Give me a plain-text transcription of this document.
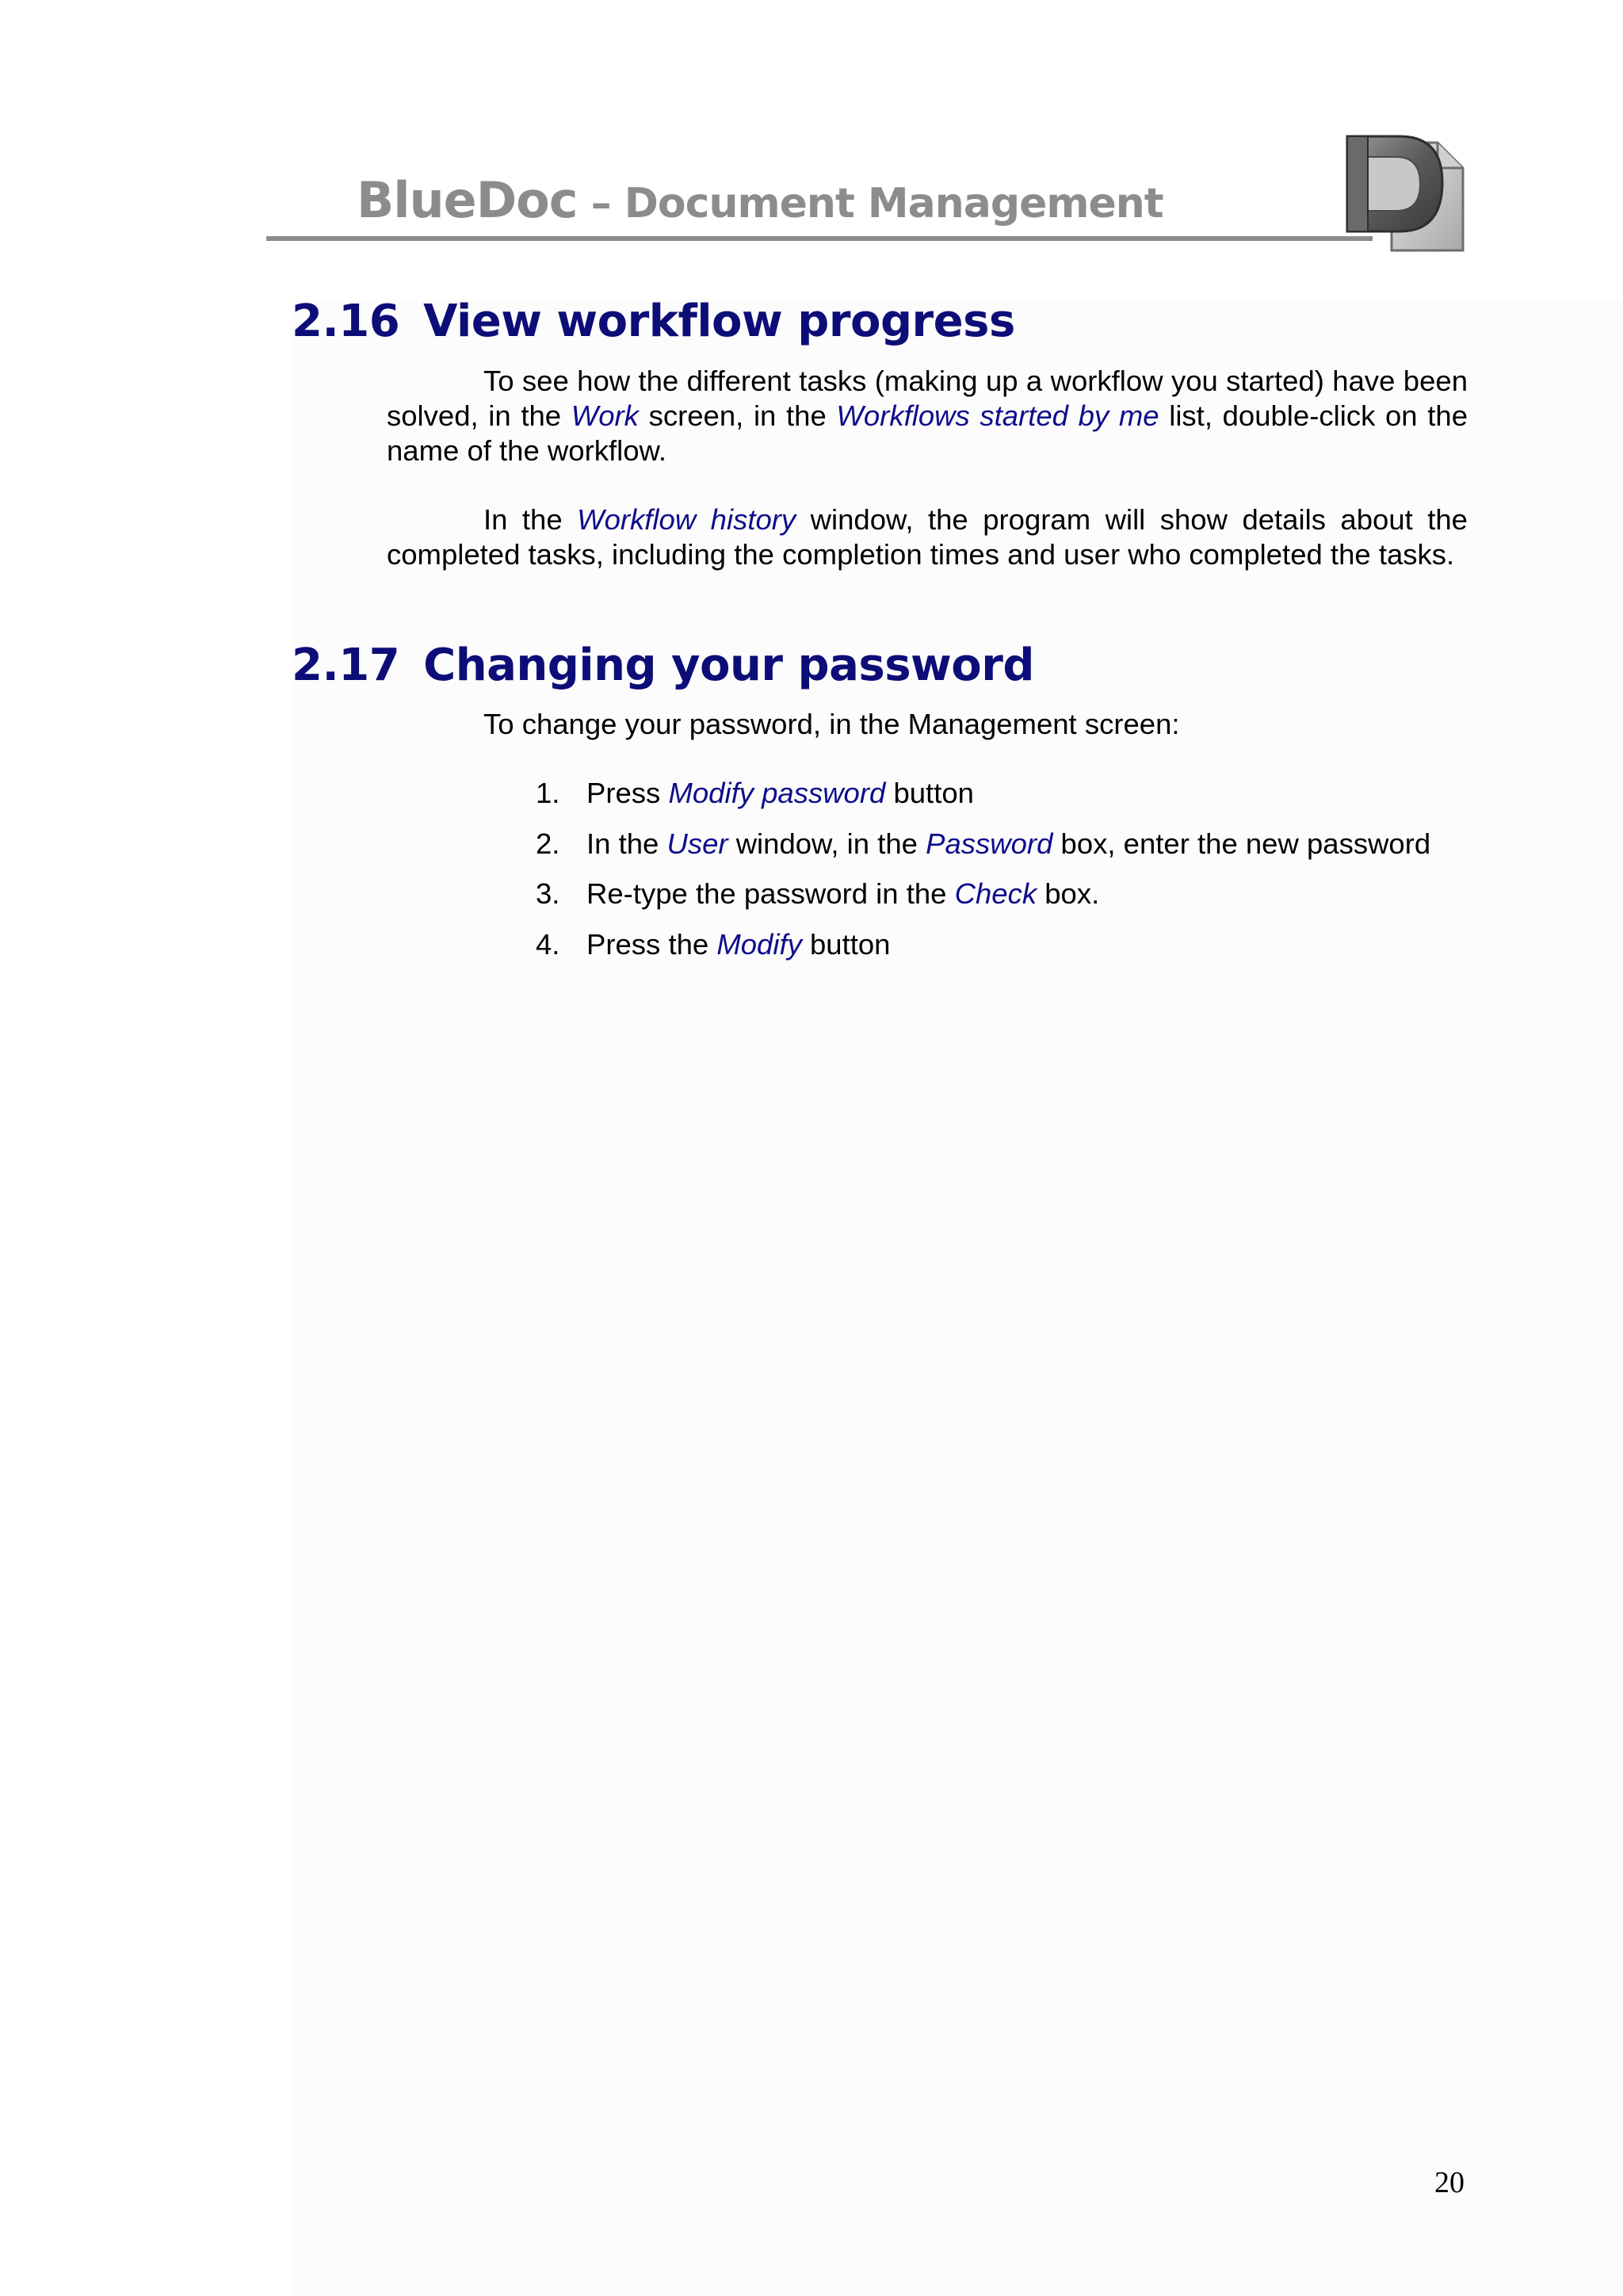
BlueDoc – Document Management
2.16 View workflow progress
To see how the different tasks (making up a workflow you started) have been solved, in the Work screen, in the Workflows started by me list, double-click on the name of the workflow.
In the Workflow history window, the program will show details about the completed tasks, including the completion times and user who completed the tasks.
2.17 Changing your password
To change your password, in the Management screen:
1. Press Modify password button
2. In the User window, in the Password box, enter the new password
3. Re-type the password in the Check box.
4. Press the Modify button
20
